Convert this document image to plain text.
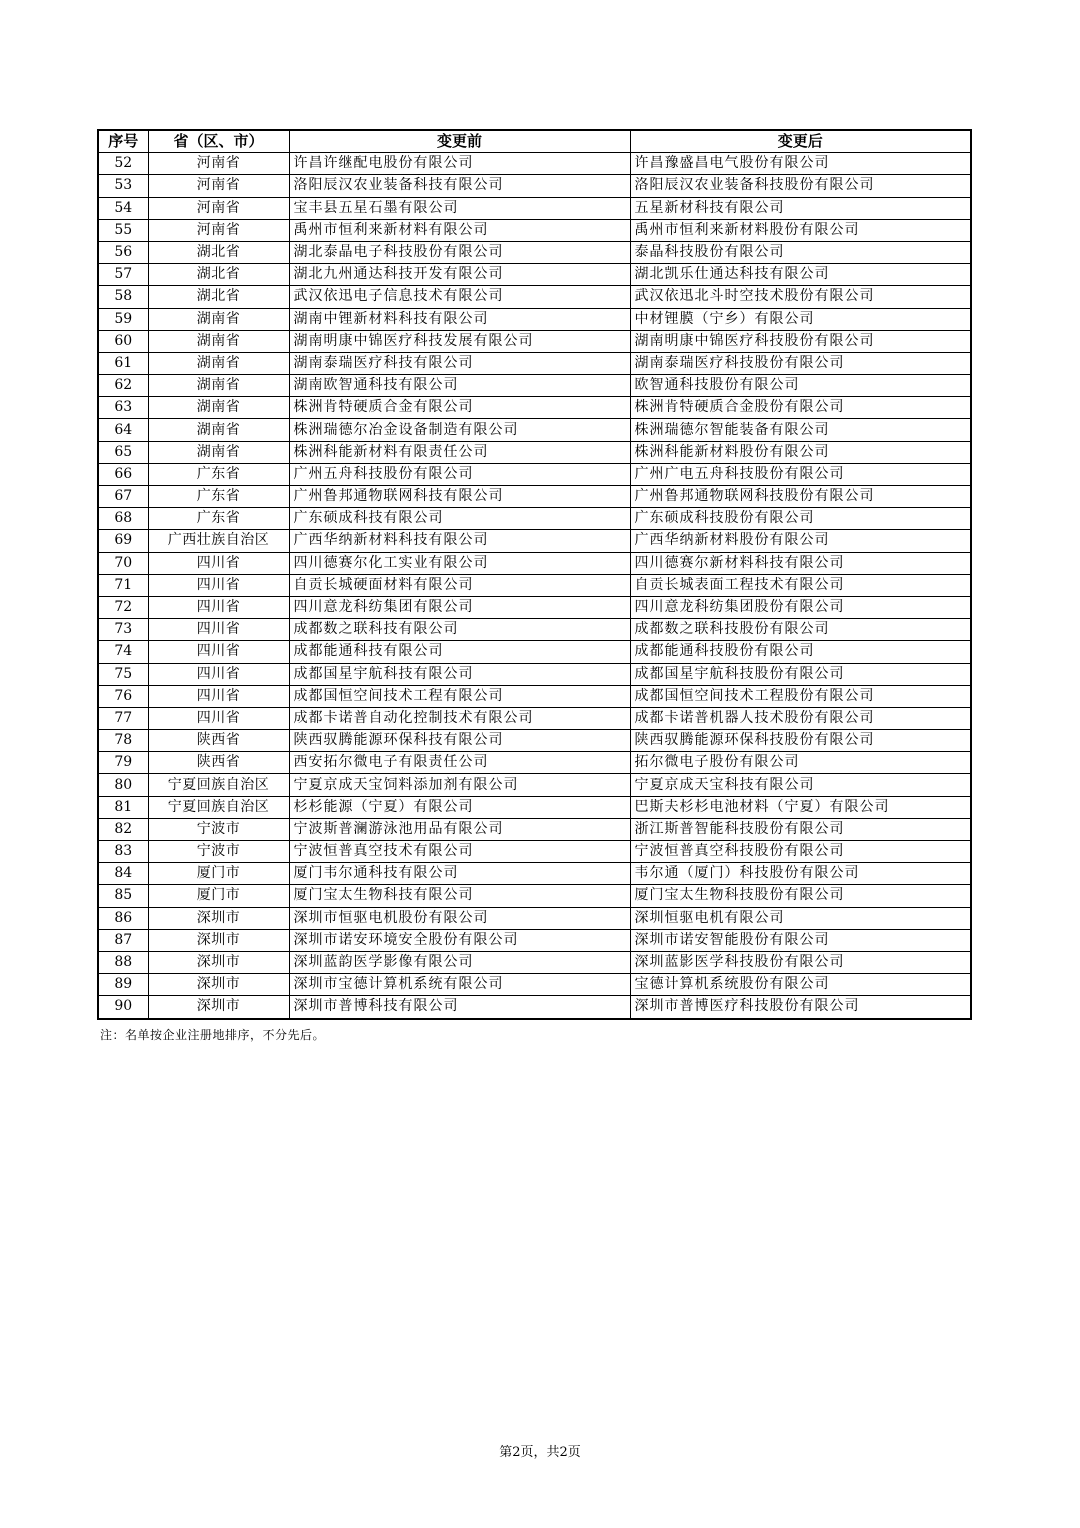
序号	省（区、市）	变更前	变更后
52	河南省	许昌许继配电股份有限公司	许昌豫盛昌电气股份有限公司
53	河南省	洛阳辰汉农业装备科技有限公司	洛阳辰汉农业装备科技股份有限公司
54	河南省	宝丰县五星石墨有限公司	五星新材科技有限公司
55	河南省	禹州市恒利来新材料有限公司	禹州市恒利来新材料股份有限公司
56	湖北省	湖北泰晶电子科技股份有限公司	泰晶科技股份有限公司
57	湖北省	湖北九州通达科技开发有限公司	湖北凯乐仕通达科技有限公司
58	湖北省	武汉依迅电子信息技术有限公司	武汉依迅北斗时空技术股份有限公司
59	湖南省	湖南中锂新材料科技有限公司	中材锂膜（宁乡）有限公司
60	湖南省	湖南明康中锦医疗科技发展有限公司	湖南明康中锦医疗科技股份有限公司
61	湖南省	湖南泰瑞医疗科技有限公司	湖南泰瑞医疗科技股份有限公司
62	湖南省	湖南欧智通科技有限公司	欧智通科技股份有限公司
63	湖南省	株洲肯特硬质合金有限公司	株洲肯特硬质合金股份有限公司
64	湖南省	株洲瑞德尔冶金设备制造有限公司	株洲瑞德尔智能装备有限公司
65	湖南省	株洲科能新材料有限责任公司	株洲科能新材料股份有限公司
66	广东省	广州五舟科技股份有限公司	广州广电五舟科技股份有限公司
67	广东省	广州鲁邦通物联网科技有限公司	广州鲁邦通物联网科技股份有限公司
68	广东省	广东硕成科技有限公司	广东硕成科技股份有限公司
69	广西壮族自治区	广西华纳新材料科技有限公司	广西华纳新材料股份有限公司
70	四川省	四川德赛尔化工实业有限公司	四川德赛尔新材料科技有限公司
71	四川省	自贡长城硬面材料有限公司	自贡长城表面工程技术有限公司
72	四川省	四川意龙科纺集团有限公司	四川意龙科纺集团股份有限公司
73	四川省	成都数之联科技有限公司	成都数之联科技股份有限公司
74	四川省	成都能通科技有限公司	成都能通科技股份有限公司
75	四川省	成都国星宇航科技有限公司	成都国星宇航科技股份有限公司
76	四川省	成都国恒空间技术工程有限公司	成都国恒空间技术工程股份有限公司
77	四川省	成都卡诺普自动化控制技术有限公司	成都卡诺普机器人技术股份有限公司
78	陕西省	陕西驭腾能源环保科技有限公司	陕西驭腾能源环保科技股份有限公司
79	陕西省	西安拓尔微电子有限责任公司	拓尔微电子股份有限公司
80	宁夏回族自治区	宁夏京成天宝饲料添加剂有限公司	宁夏京成天宝科技有限公司
81	宁夏回族自治区	杉杉能源（宁夏）有限公司	巴斯夫杉杉电池材料（宁夏）有限公司
82	宁波市	宁波斯普澜游泳池用品有限公司	浙江斯普智能科技股份有限公司
83	宁波市	宁波恒普真空技术有限公司	宁波恒普真空科技股份有限公司
84	厦门市	厦门韦尔通科技有限公司	韦尔通（厦门）科技股份有限公司
85	厦门市	厦门宝太生物科技有限公司	厦门宝太生物科技股份有限公司
86	深圳市	深圳市恒驱电机股份有限公司	深圳恒驱电机有限公司
87	深圳市	深圳市诺安环境安全股份有限公司	深圳市诺安智能股份有限公司
88	深圳市	深圳蓝韵医学影像有限公司	深圳蓝影医学科技股份有限公司
89	深圳市	深圳市宝德计算机系统有限公司	宝德计算机系统股份有限公司
90	深圳市	深圳市普博科技有限公司	深圳市普博医疗科技股份有限公司
注：名单按企业注册地排序，不分先后。
第2页，共2页
